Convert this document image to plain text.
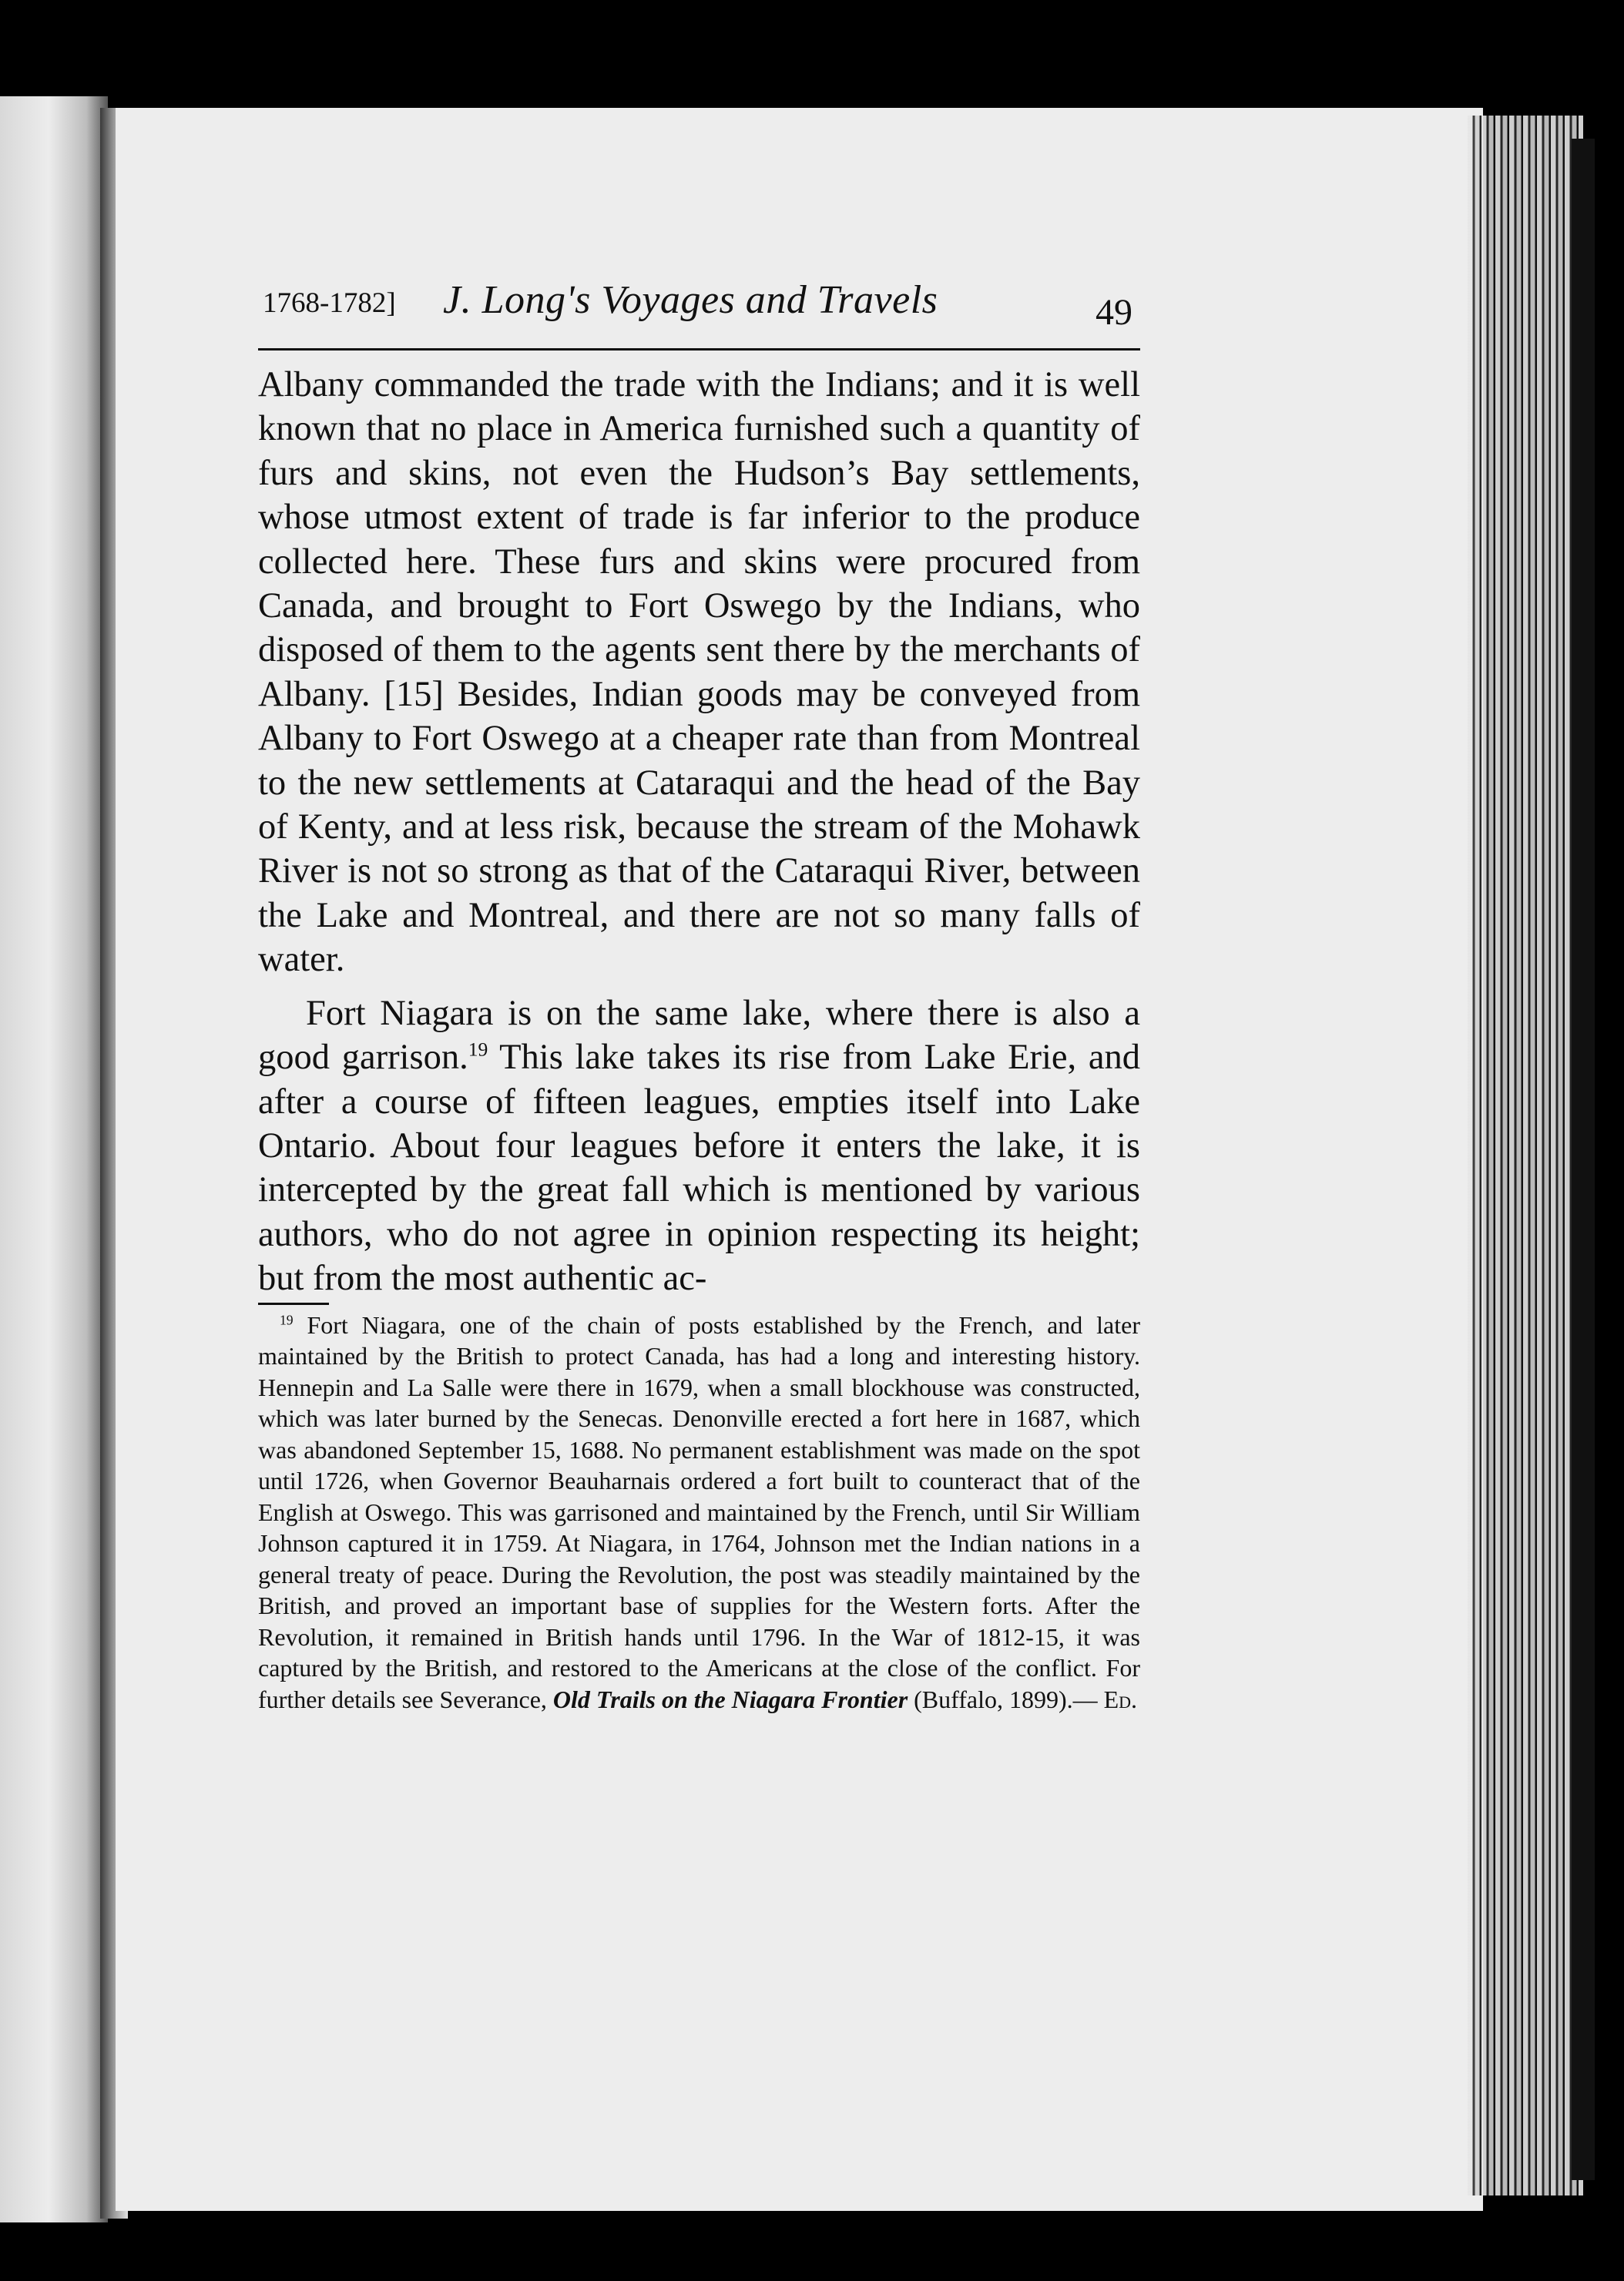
1768-1782] J. Long's Voyages and Travels	49

Albany commanded the trade with the Indians; and it is well known that no place in America furnished such a quantity of furs and skins, not even the Hudson’s Bay settlements, whose utmost extent of trade is far inferior to the produce collected here. These furs and skins were procured from Canada, and brought to Fort Oswego by the Indians, who disposed of them to the agents sent there by the merchants of Albany. [15] Besides, Indian goods may be conveyed from Albany to Fort Oswego at a cheaper rate than from Montreal to the new settlements at Cataraqui and the head of the Bay of Kenty, and at less risk, because the stream of the Mohawk River is not so strong as that of the Cataraqui River, between the Lake and Montreal, and there are not so many falls of water.

Fort Niagara is on the same lake, where there is also a good garrison.$^{19}$ This lake takes its rise from Lake Erie, and after a course of fifteen leagues, empties itself into Lake Ontario. About four leagues before it enters the lake, it is intercepted by the great fall which is mentioned by various authors, who do not agree in opinion respecting its height; but from the most authentic ac-

$^{19}$ Fort Niagara, one of the chain of posts established by the French, and later maintained by the British to protect Canada, has had a long and interesting history. Hennepin and La Salle were there in 1679, when a small blockhouse was constructed, which was later burned by the Senecas. Denonville erected a fort here in 1687, which was abandoned September 15, 1688. No permanent establishment was made on the spot until 1726, when Governor Beauharnais ordered a fort built to counteract that of the English at Oswego. This was garrisoned and maintained by the French, until Sir William Johnson captured it in 1759. At Niagara, in 1764, Johnson met the Indian nations in a general treaty of peace. During the Revolution, the post was steadily maintained by the British, and proved an important base of supplies for the Western forts. After the Revolution, it remained in British hands until 1796. In the War of 1812-15, it was captured by the British, and restored to the Americans at the close of the conflict. For further details see Severance, Old Trails on the Niagara Frontier (Buffalo, 1899).— Ed.
